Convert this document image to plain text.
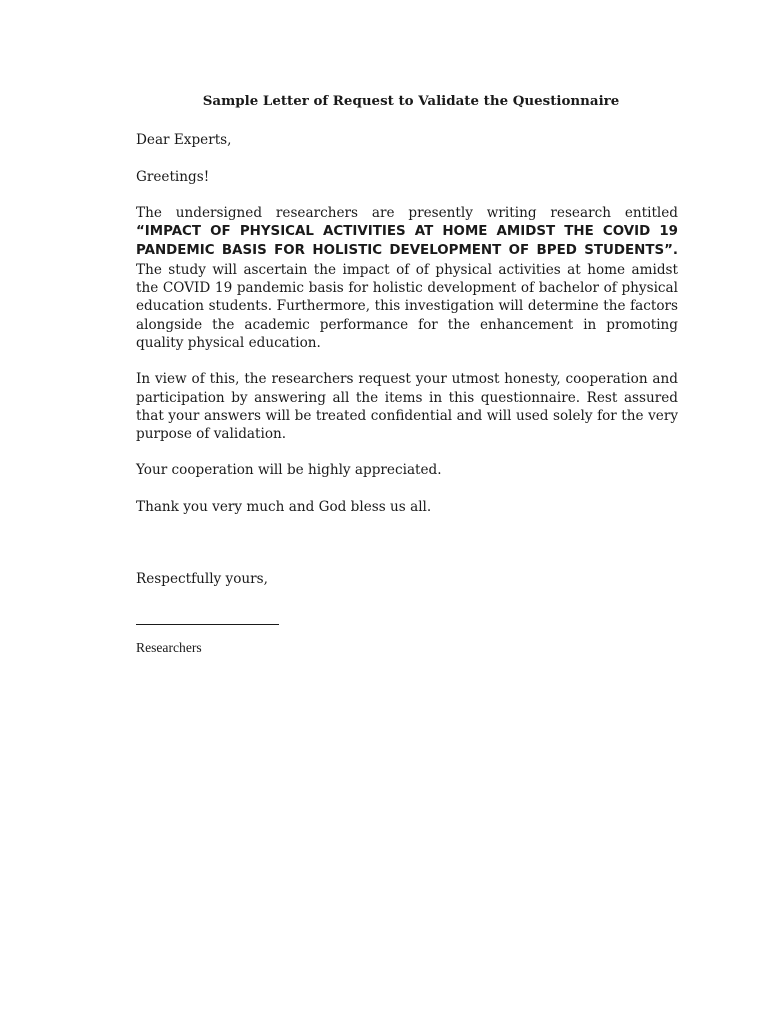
Sample Letter of Request to Validate the Questionnaire

Dear Experts,

Greetings!

The undersigned researchers are presently writing research entitled “IMPACT OF PHYSICAL ACTIVITIES AT HOME AMIDST THE COVID 19 PANDEMIC BASIS FOR HOLISTIC DEVELOPMENT OF BPED STUDENTS”. The study will ascertain the impact of of physical activities at home amidst the COVID 19 pandemic basis for holistic development of bachelor of physical education students. Furthermore, this investigation will determine the factors alongside the academic performance for the enhancement in promoting quality physical education.

In view of this, the researchers request your utmost honesty, cooperation and participation by answering all the items in this questionnaire. Rest assured that your answers will be treated confidential and will used solely for the very purpose of validation.

Your cooperation will be highly appreciated.

Thank you very much and God bless us all.

Respectfully yours,

Researchers
